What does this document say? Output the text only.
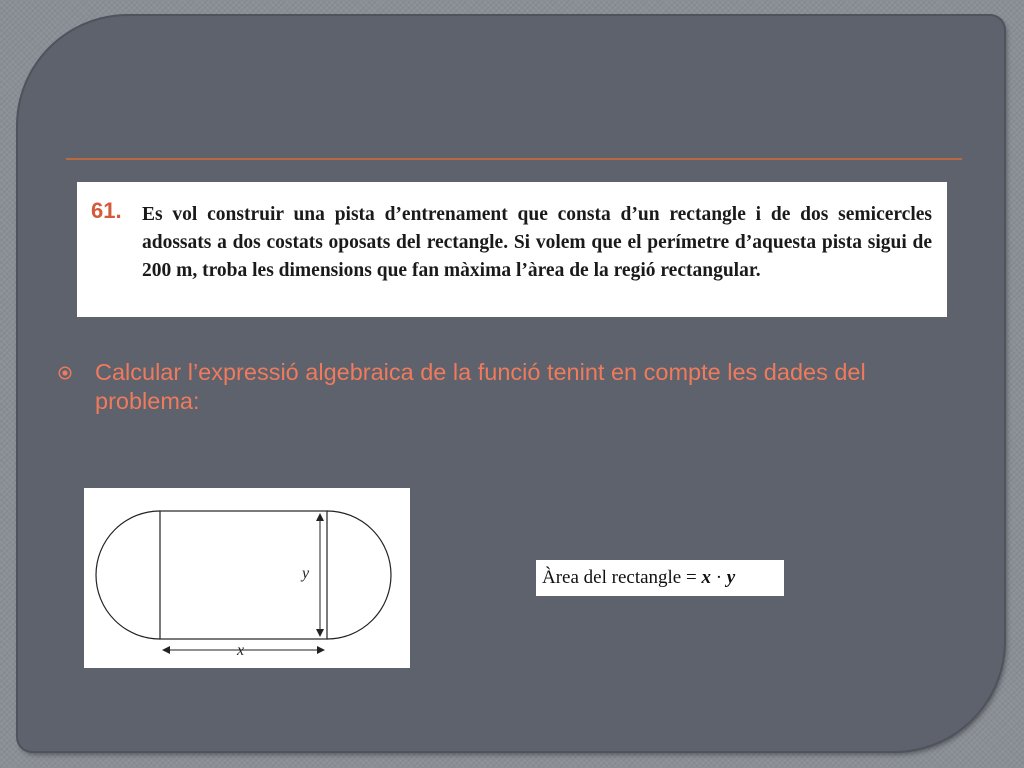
61. Es vol construir una pista d’entrenament que consta d’un rectangle i de dos semicercles adossats a dos costats oposats del rectangle. Si volem que el perímetre d’aquesta pista sigui de 200 m, troba les dimensions que fan màxima l’àrea de la regió rectangular.
Calcular l’expressió algebraica de la funció tenint en compte les dades del problema:
y
x
Àrea del rectangle = x · y
